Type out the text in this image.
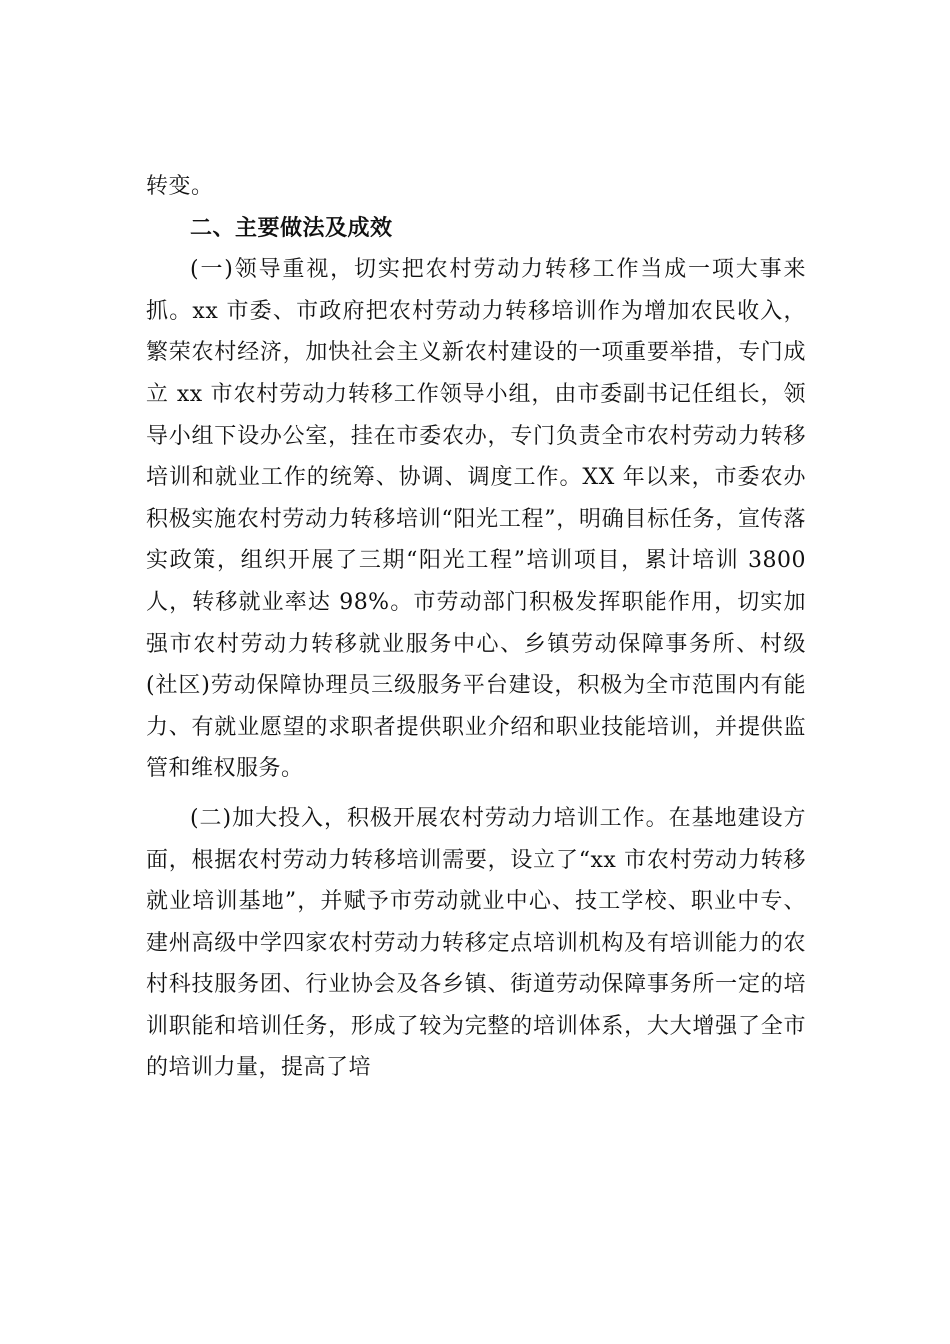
转变。

二、主要做法及成效

(一)领导重视，切实把农村劳动力转移工作当成一项大事来抓。xx 市委、市政府把农村劳动力转移培训作为增加农民收入，繁荣农村经济，加快社会主义新农村建设的一项重要举措，专门成立 xx 市农村劳动力转移工作领导小组，由市委副书记任组长，领导小组下设办公室，挂在市委农办，专门负责全市农村劳动力转移培训和就业工作的统筹、协调、调度工作。XX 年以来，市委农办积极实施农村劳动力转移培训“阳光工程”，明确目标任务，宣传落实政策，组织开展了三期“阳光工程”培训项目，累计培训 3800 人，转移就业率达 98%。市劳动部门积极发挥职能作用，切实加强市农村劳动力转移就业服务中心、乡镇劳动保障事务所、村级(社区)劳动保障协理员三级服务平台建设，积极为全市范围内有能力、有就业愿望的求职者提供职业介绍和职业技能培训，并提供监管和维权服务。

(二)加大投入，积极开展农村劳动力培训工作。在基地建设方面，根据农村劳动力转移培训需要，设立了“xx 市农村劳动力转移就业培训基地”，并赋予市劳动就业中心、技工学校、职业中专、建州高级中学四家农村劳动力转移定点培训机构及有培训能力的农村科技服务团、行业协会及各乡镇、街道劳动保障事务所一定的培训职能和培训任务，形成了较为完整的培训体系，大大增强了全市的培训力量，提高了培
